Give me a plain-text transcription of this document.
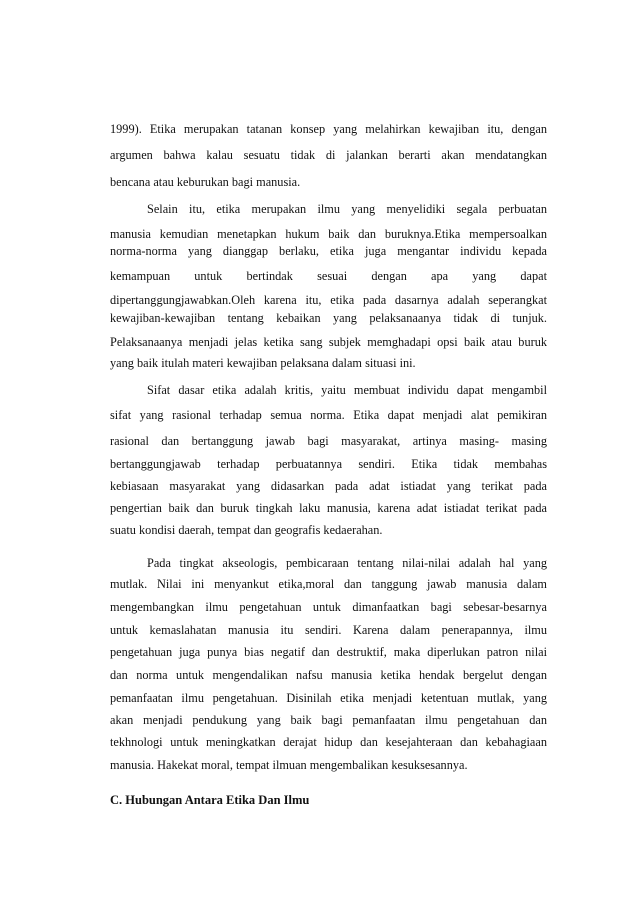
1999). Etika merupakan tatanan konsep yang melahirkan kewajiban itu, dengan

argumen bahwa kalau sesuatu tidak di jalankan berarti akan mendatangkan

bencana atau keburukan bagi manusia.

Selain itu, etika merupakan ilmu yang menyelidiki segala perbuatan

manusia kemudian menetapkan hukum baik dan buruknya.Etika mempersoalkan

norma-norma yang dianggap berlaku, etika juga mengantar individu kepada

kemampuan untuk bertindak sesuai dengan apa yang dapat

dipertanggungjawabkan.Oleh karena itu, etika pada dasarnya adalah seperangkat

kewajiban-kewajiban tentang kebaikan yang pelaksanaanya tidak di tunjuk.

Pelaksanaanya menjadi jelas ketika sang subjek memghadapi opsi baik atau buruk

yang baik itulah materi kewajiban pelaksana dalam situasi ini.

Sifat dasar etika adalah kritis, yaitu membuat individu dapat mengambil

sifat yang rasional terhadap semua norma. Etika dapat menjadi alat pemikiran

rasional dan bertanggung jawab bagi masyarakat, artinya masing- masing

bertanggungjawab terhadap perbuatannya sendiri. Etika tidak membahas

kebiasaan masyarakat yang didasarkan pada adat istiadat yang terikat pada

pengertian baik dan buruk tingkah laku manusia, karena adat istiadat terikat pada

suatu kondisi daerah, tempat dan geografis kedaerahan.

Pada tingkat akseologis, pembicaraan tentang nilai-nilai adalah hal yang

mutlak. Nilai ini menyankut etika,moral dan tanggung jawab manusia dalam

mengembangkan ilmu pengetahuan untuk dimanfaatkan bagi sebesar-besarnya

untuk kemaslahatan manusia itu sendiri. Karena dalam penerapannya, ilmu

pengetahuan juga punya bias negatif dan destruktif, maka diperlukan patron nilai

dan norma untuk mengendalikan nafsu manusia ketika hendak bergelut dengan

pemanfaatan ilmu pengetahuan. Disinilah etika menjadi ketentuan mutlak, yang

akan menjadi pendukung yang baik bagi pemanfaatan ilmu pengetahuan dan

tekhnologi untuk meningkatkan derajat hidup dan kesejahteraan dan kebahagiaan

manusia. Hakekat moral, tempat ilmuan mengembalikan kesuksesannya.

C. Hubungan Antara Etika Dan Ilmu
